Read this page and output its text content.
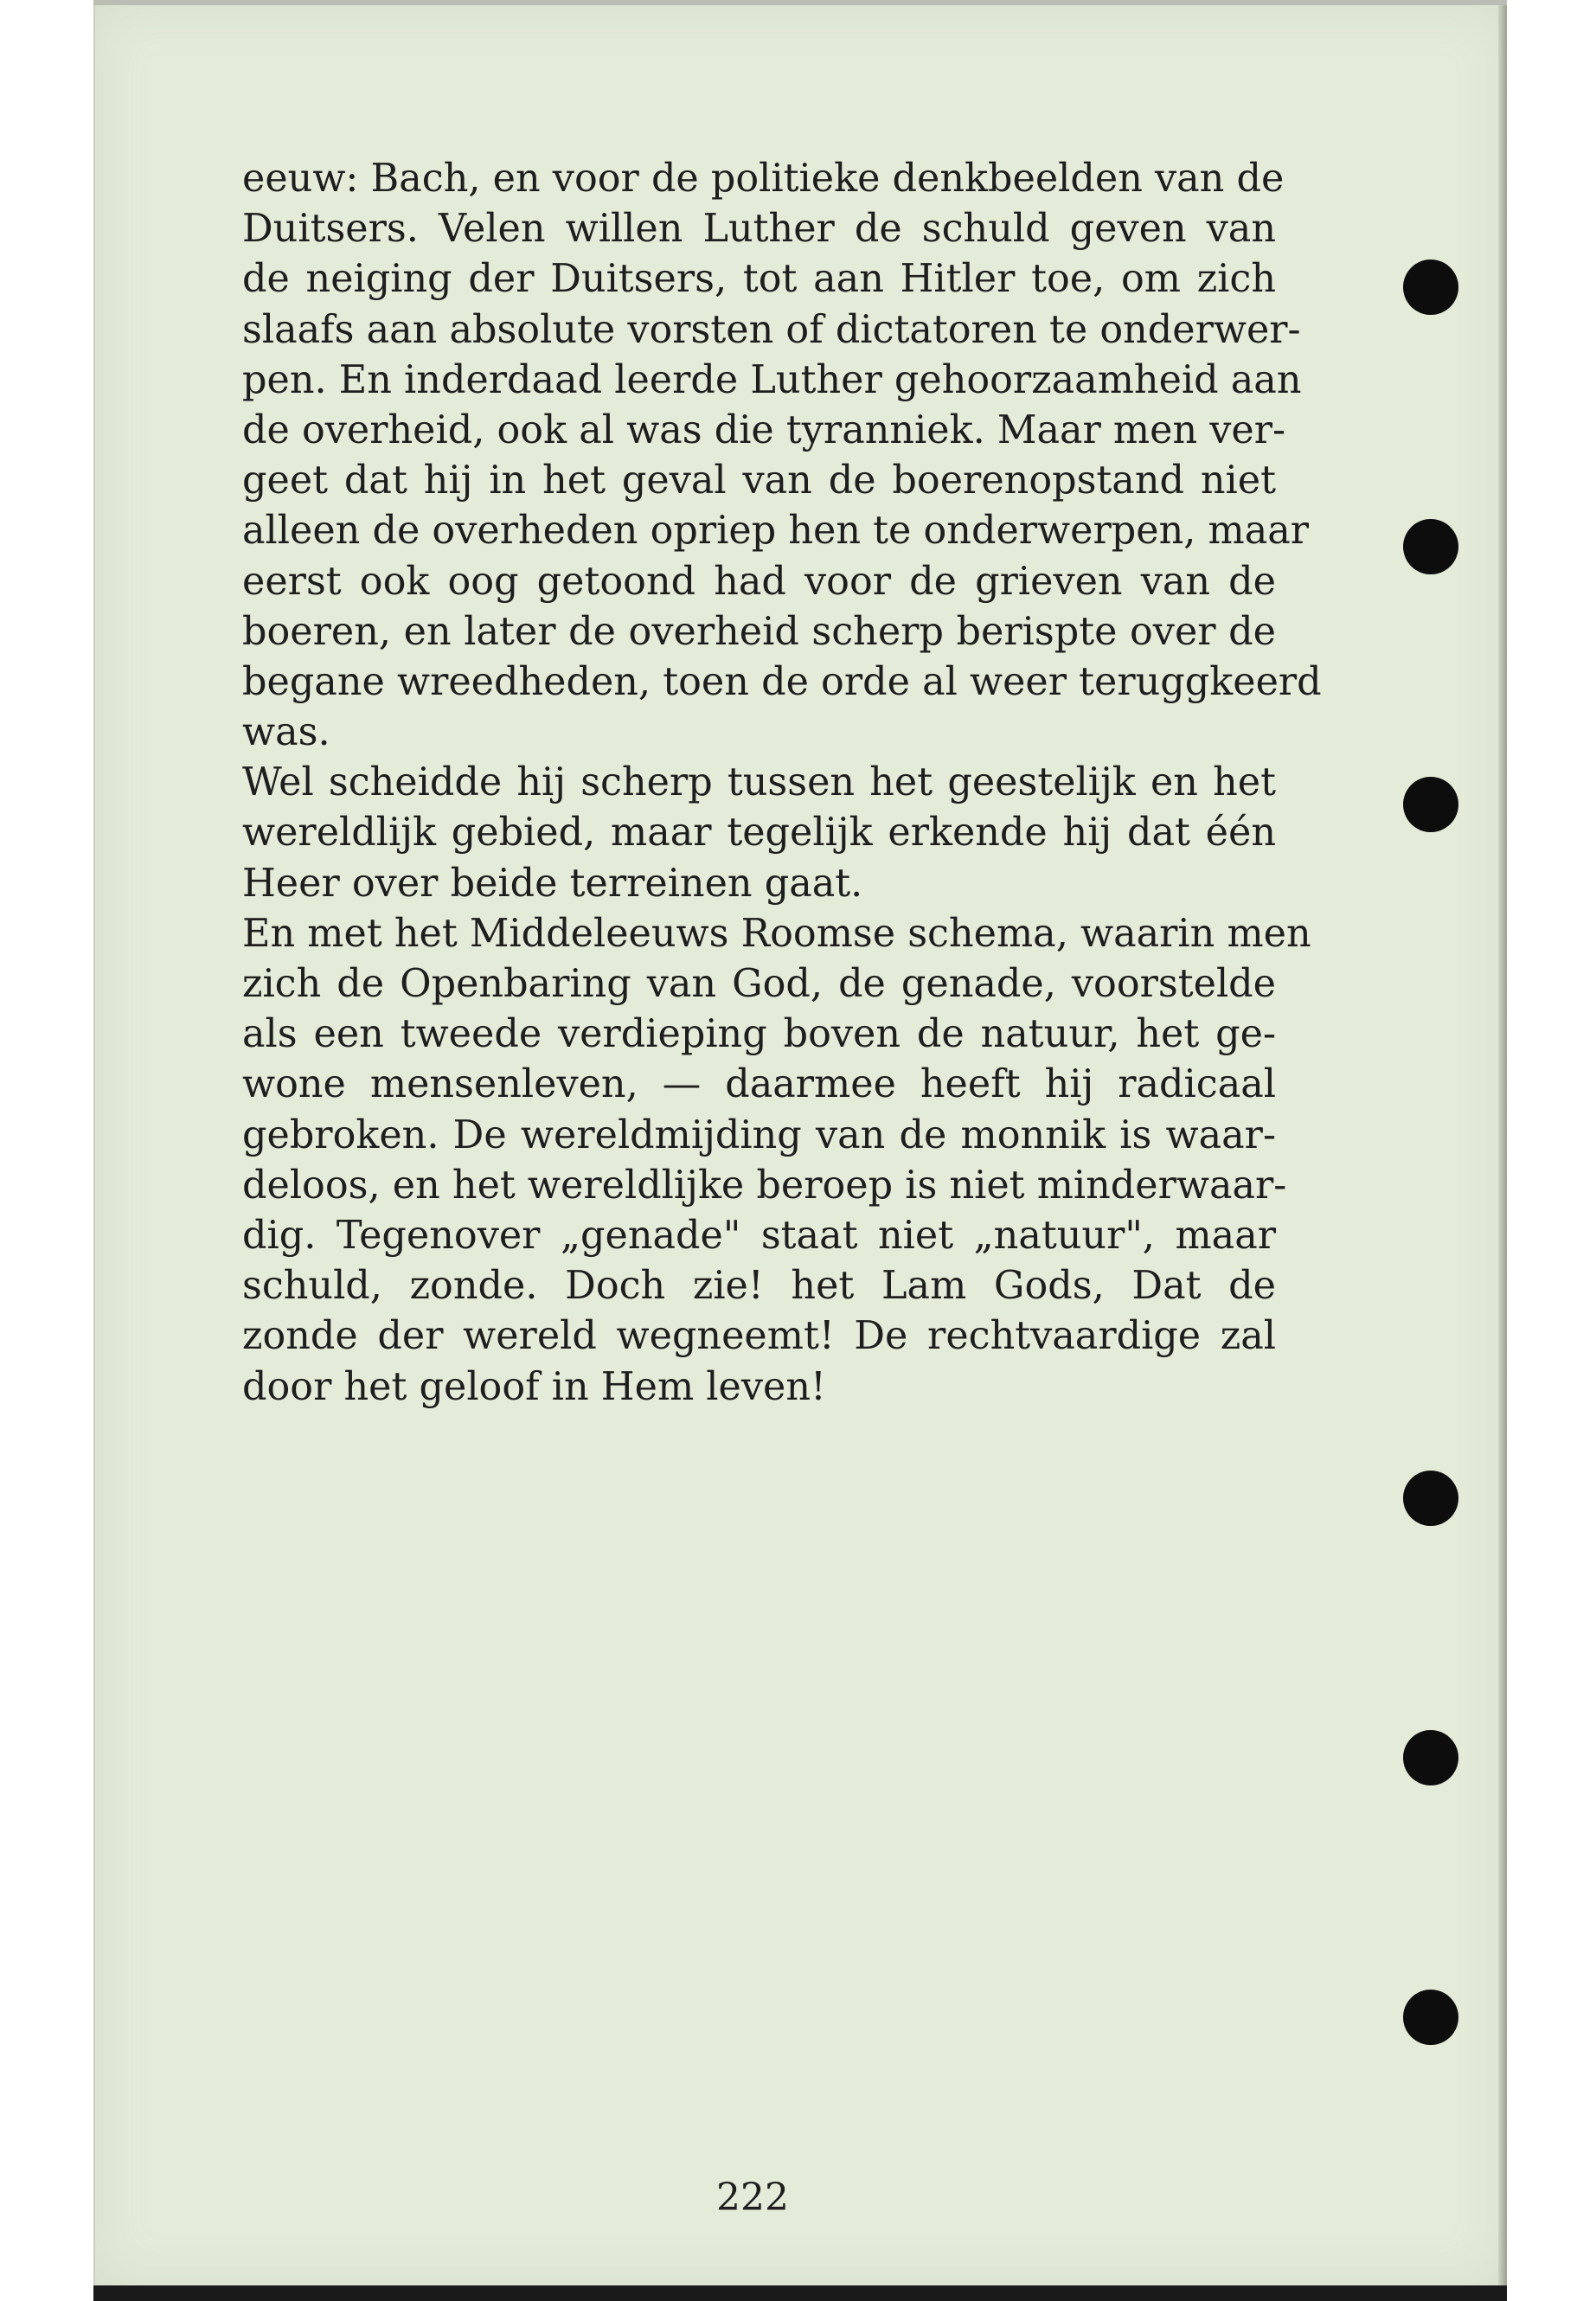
eeuw: Bach, en voor de politieke denkbeelden van de
Duitsers. Velen willen Luther de schuld geven van
de neiging der Duitsers, tot aan Hitler toe, om zich
slaafs aan absolute vorsten of dictatoren te onderwer-
pen. En inderdaad leerde Luther gehoorzaamheid aan
de overheid, ook al was die tyranniek. Maar men ver-
geet dat hij in het geval van de boerenopstand niet
alleen de overheden opriep hen te onderwerpen, maar
eerst ook oog getoond had voor de grieven van de
boeren, en later de overheid scherp berispte over de
begane wreedheden, toen de orde al weer teruggkeerd
was.
Wel scheidde hij scherp tussen het geestelijk en het
wereldlijk gebied, maar tegelijk erkende hij dat één
Heer over beide terreinen gaat.
En met het Middeleeuws Roomse schema, waarin men
zich de Openbaring van God, de genade, voorstelde
als een tweede verdieping boven de natuur, het ge-
wone mensenleven, — daarmee heeft hij radicaal
gebroken. De wereldmijding van de monnik is waar-
deloos, en het wereldlijke beroep is niet minderwaar-
dig. Tegenover „genade" staat niet „natuur", maar
schuld, zonde. Doch zie! het Lam Gods, Dat de
zonde der wereld wegneemt! De rechtvaardige zal
door het geloof in Hem leven!
222
